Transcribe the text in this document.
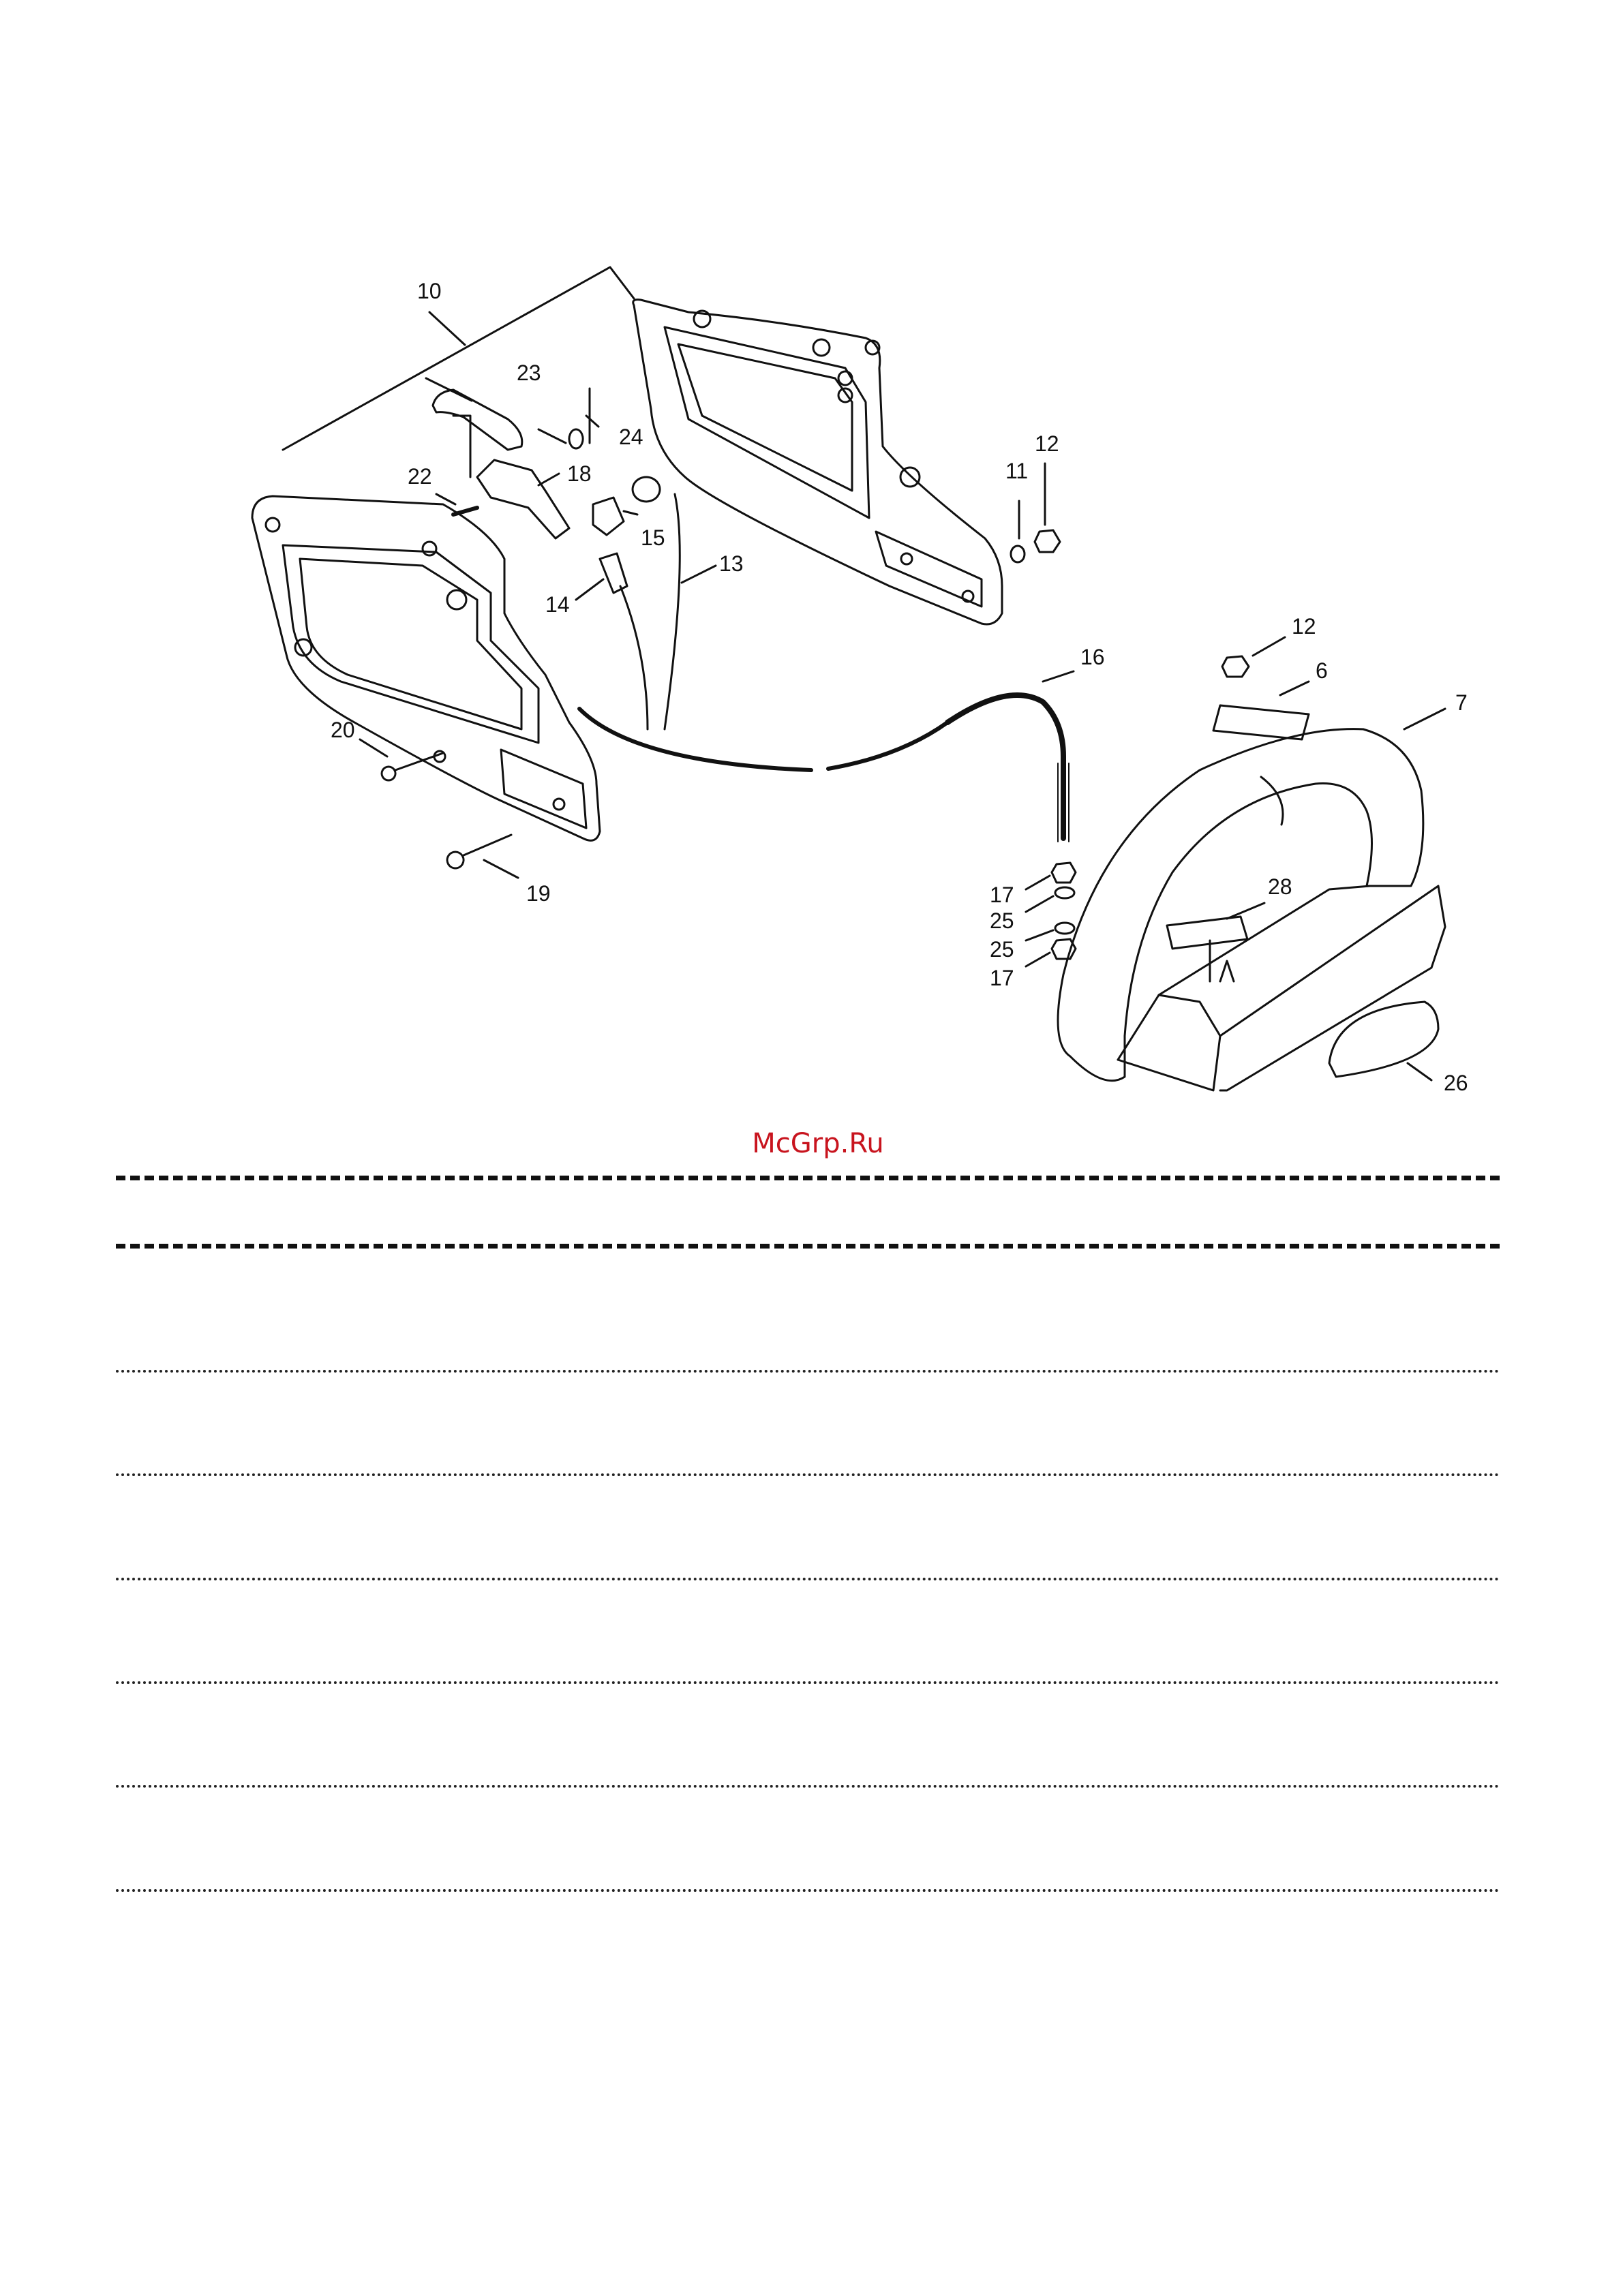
10
23
24
22	18
15
14
13
11
12
16
12
6
7
20
19	17
25
25
17
28
26
McGrp.Ru
